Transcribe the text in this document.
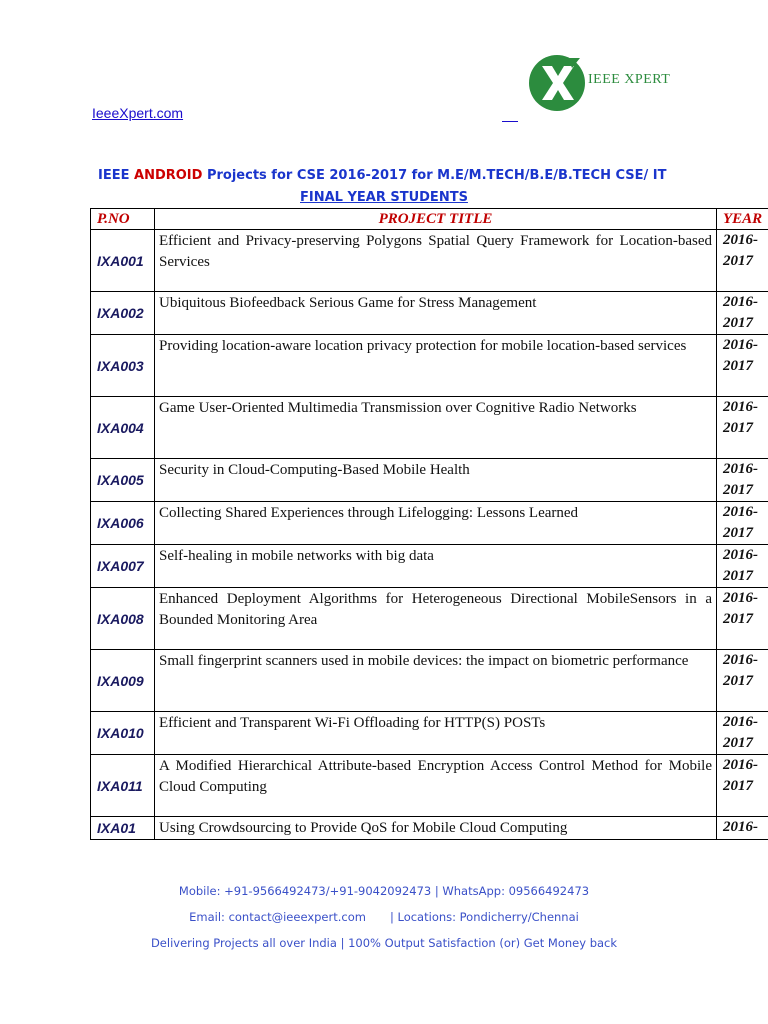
IeeeXpert.com
IEEE XPERT
IEEE ANDROID Projects for CSE 2016-2017 for M.E/M.TECH/B.E/B.TECH CSE/ IT
FINAL YEAR STUDENTS
P.NO	PROJECT TITLE	YEAR
IXA001	Efficient and Privacy-preserving Polygons Spatial Query Framework for Location-based Services	2016-2017
IXA002	Ubiquitous Biofeedback Serious Game for Stress Management	2016-2017
IXA003	Providing location-aware location privacy protection for mobile location-based services	2016-2017
IXA004	Game User-Oriented Multimedia Transmission over Cognitive Radio Networks	2016-2017
IXA005	Security in Cloud-Computing-Based Mobile Health	2016-2017
IXA006	Collecting Shared Experiences through Lifelogging: Lessons Learned	2016-2017
IXA007	Self-healing in mobile networks with big data	2016-2017
IXA008	Enhanced Deployment Algorithms for Heterogeneous Directional MobileSensors in a Bounded Monitoring Area	2016-2017
IXA009	Small fingerprint scanners used in mobile devices: the impact on biometric performance	2016-2017
IXA010	Efficient and Transparent Wi-Fi Offloading for HTTP(S) POSTs	2016-2017
IXA011	A Modified Hierarchical Attribute-based Encryption Access Control Method for Mobile Cloud Computing	2016-2017
IXA01	Using Crowdsourcing to Provide QoS for Mobile Cloud Computing	2016-
Mobile: +91-9566492473/+91-9042092473 | WhatsApp: 09566492473
Email: contact@ieeexpert.com | Locations: Pondicherry/Chennai
Delivering Projects all over India | 100% Output Satisfaction (or) Get Money back
